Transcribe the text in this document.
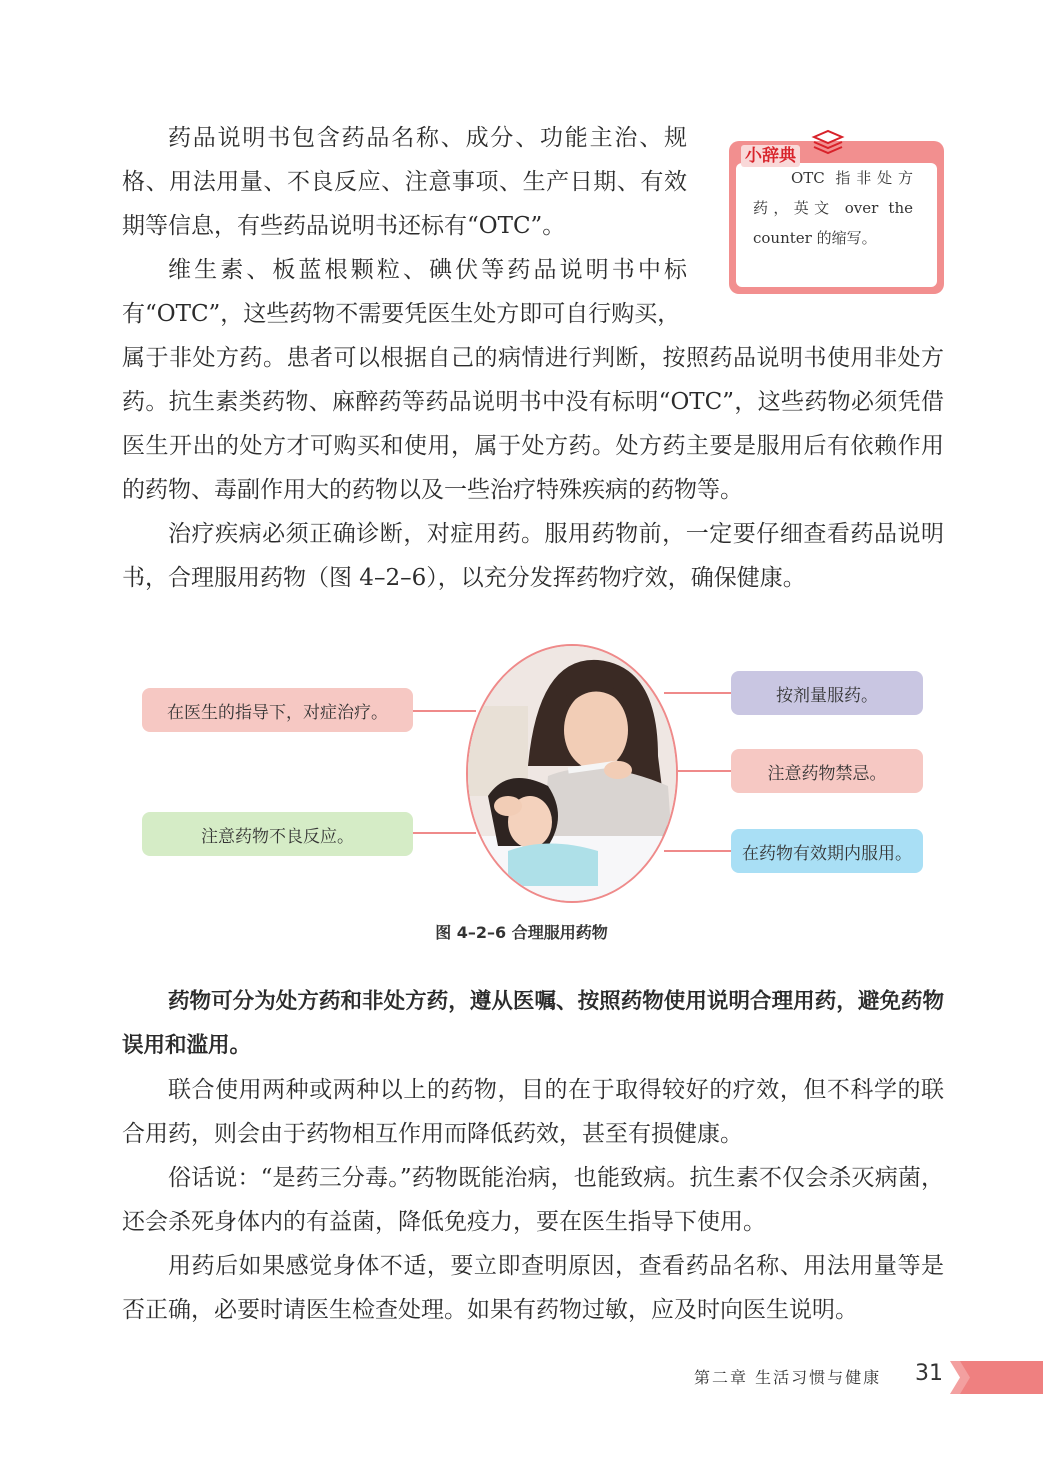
药品说明书包含药品名称、成分、功能主治、规格、用法用量、不良反应、注意事项、生产日期、有效期等信息，有些药品说明书还标有“OTC”。

维生素、板蓝根颗粒、碘伏等药品说明书中标有“OTC”，这些药物不需要凭医生处方即可自行购买，

属于非处方药。患者可以根据自己的病情进行判断，按照药品说明书使用非处方药。抗生素类药物、麻醉药等药品说明书中没有标明“OTC”，这些药物必须凭借医生开出的处方才可购买和使用，属于处方药。处方药主要是服用后有依赖作用的药物、毒副作用大的药物以及一些治疗特殊疾病的药物等。

治疗疾病必须正确诊断，对症用药。服用药物前，一定要仔细查看药品说明书，合理服用药物（图 4–2–6），以充分发挥药物疗效，确保健康。

小辞典
OTC 指非处方药，英文 over the counter 的缩写。
在医生的指导下，对症治疗。
注意药物不良反应。
按剂量服药。
注意药物禁忌。
在药物有效期内服用。
图 4–2–6 合理服用药物

药物可分为处方药和非处方药，遵从医嘱、按照药物使用说明合理用药，避免药物误用和滥用。

联合使用两种或两种以上的药物，目的在于取得较好的疗效，但不科学的联合用药，则会由于药物相互作用而降低药效，甚至有损健康。

俗话说：“是药三分毒。”药物既能治病，也能致病。抗生素不仅会杀灭病菌，还会杀死身体内的有益菌，降低免疫力，要在医生指导下使用。

用药后如果感觉身体不适，要立即查明原因，查看药品名称、用法用量等是否正确，必要时请医生检查处理。如果有药物过敏，应及时向医生说明。

第二章 生活习惯与健康 31
